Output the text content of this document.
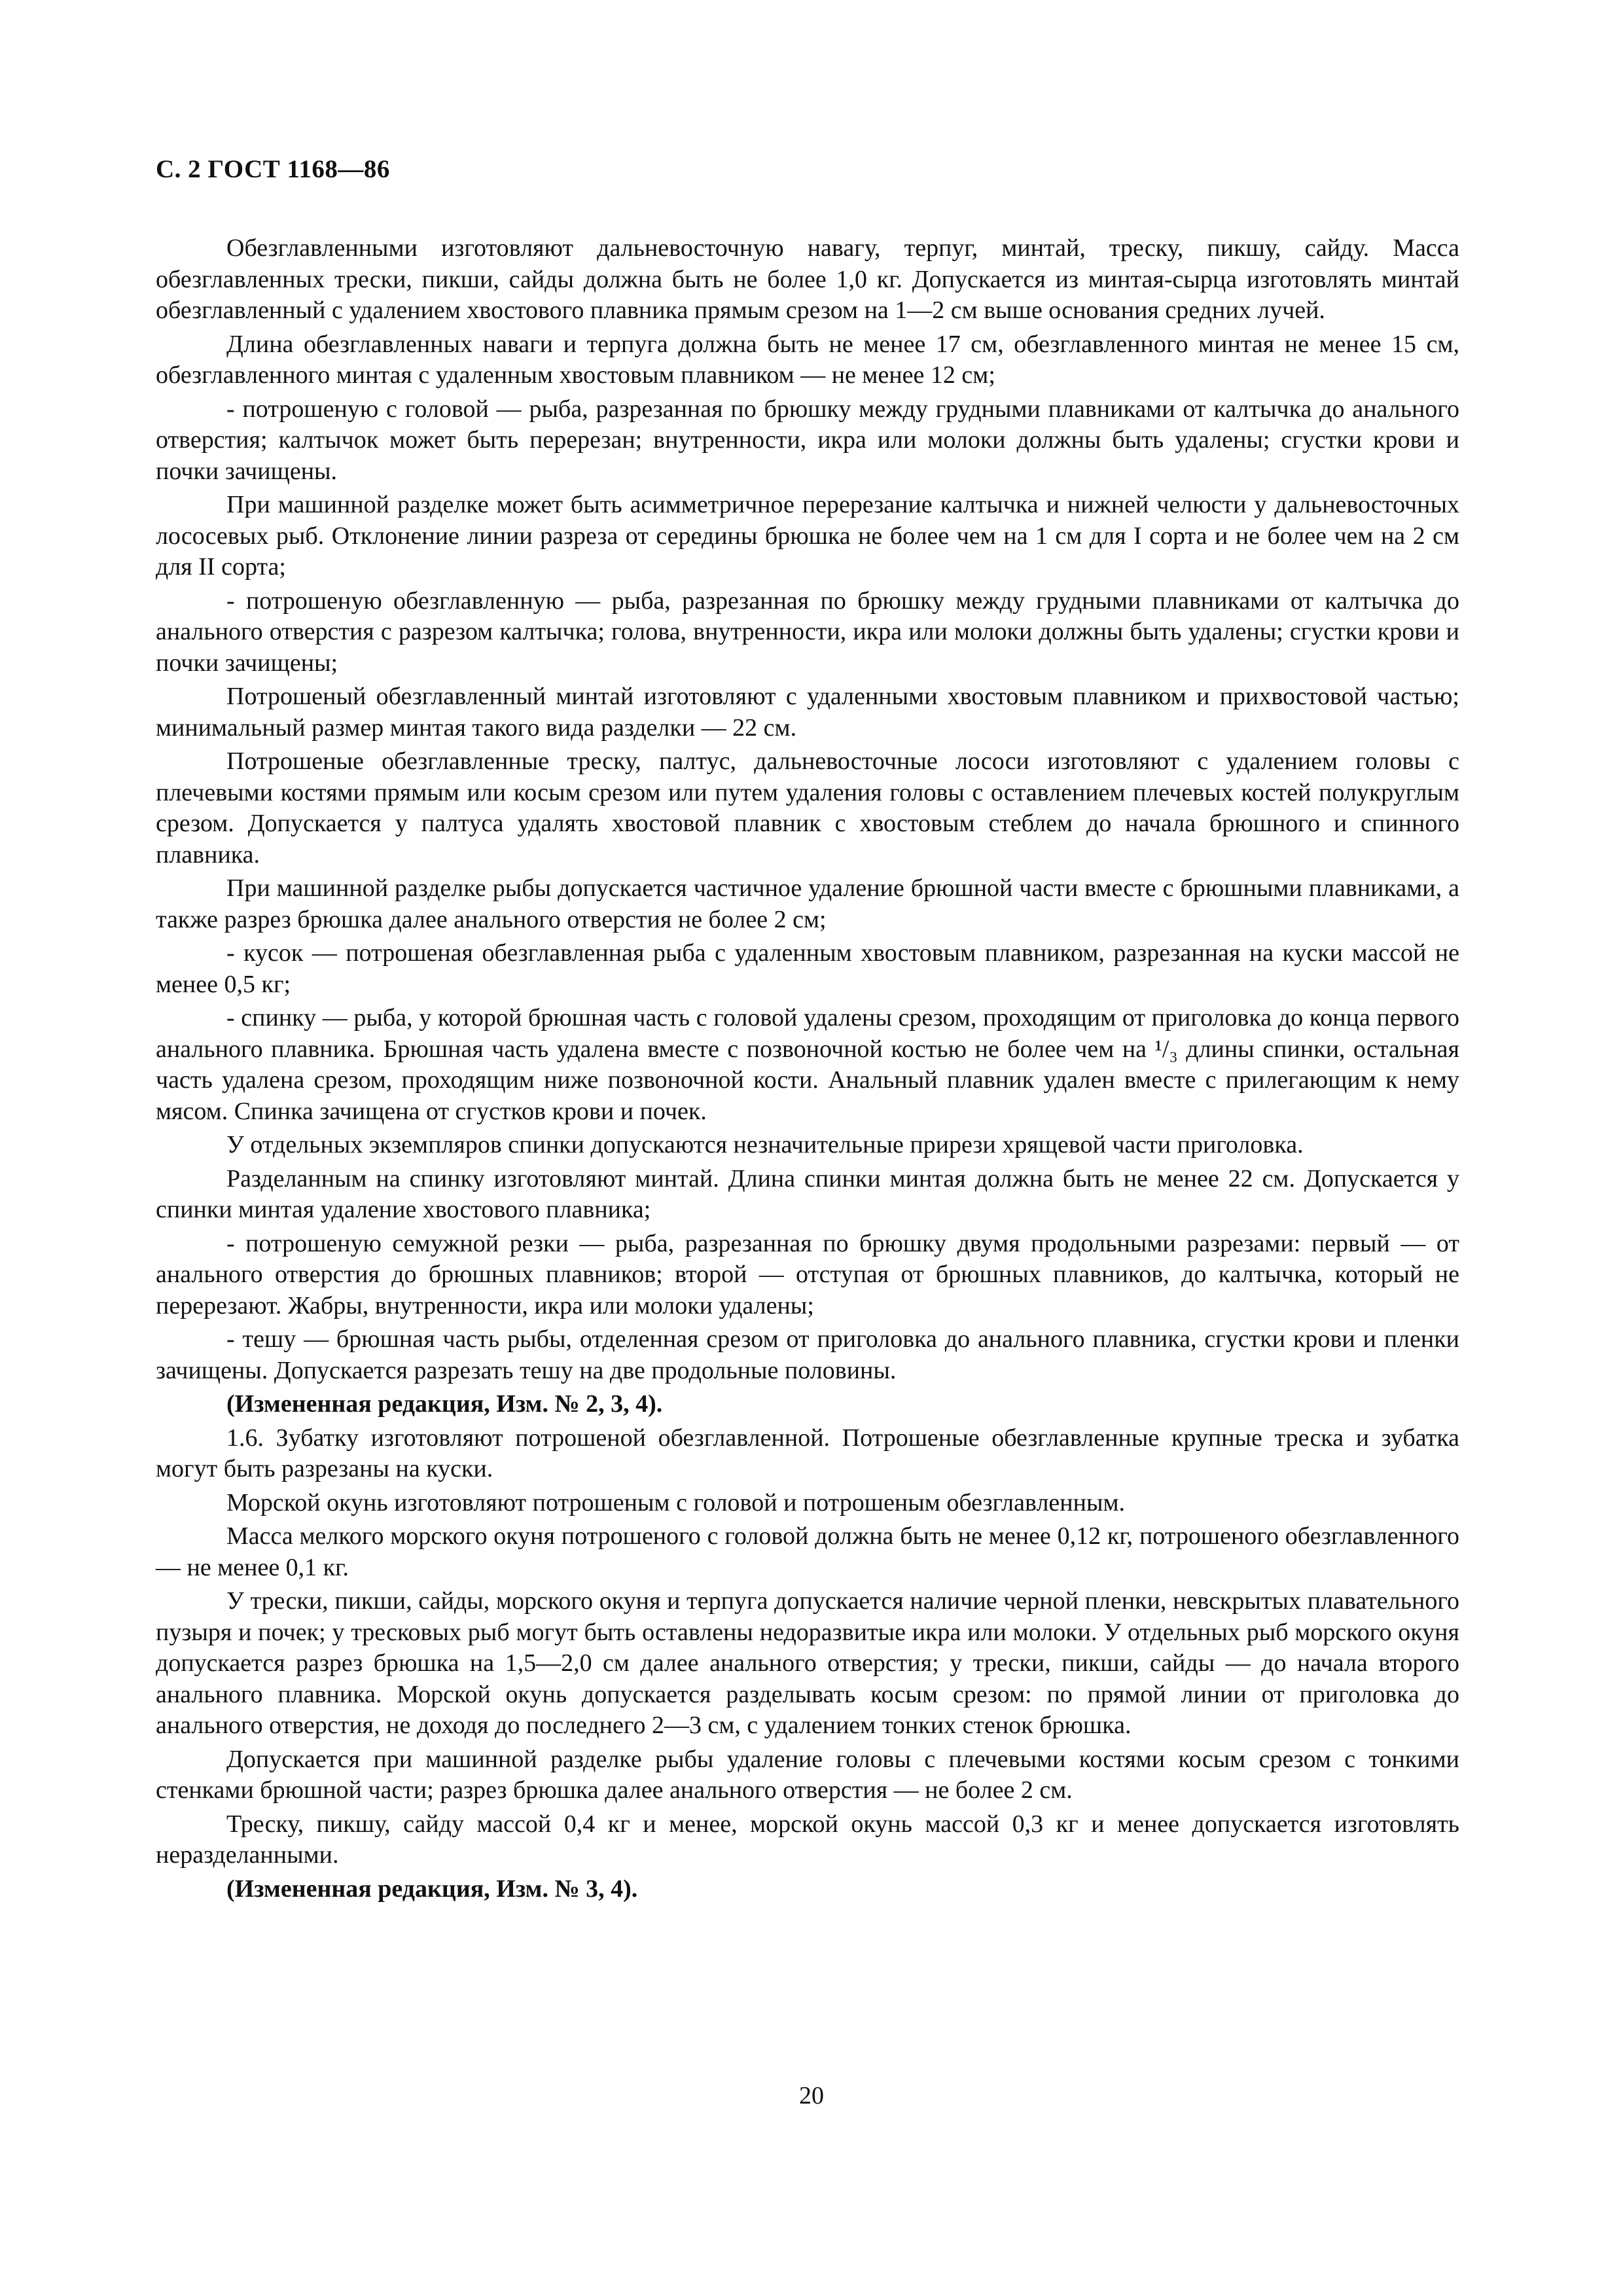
С. 2 ГОСТ 1168—86

Обезглавленными изготовляют дальневосточную навагу, терпуг, минтай, треску, пикшу, сайду. Масса обезглавленных трески, пикши, сайды должна быть не более 1,0 кг. Допускается из минтая-сырца изготовлять минтай обезглавленный с удалением хвостового плавника прямым срезом на 1—2 см выше основания средних лучей.

Длина обезглавленных наваги и терпуга должна быть не менее 17 см, обезглавленного минтая не менее 15 см, обезглавленного минтая с удаленным хвостовым плавником — не менее 12 см;

- потрошеную с головой — рыба, разрезанная по брюшку между грудными плавниками от калтычка до анального отверстия; калтычок может быть перерезан; внутренности, икра или молоки должны быть удалены; сгустки крови и почки зачищены.

При машинной разделке может быть асимметричное перерезание калтычка и нижней челюсти у дальневосточных лососевых рыб. Отклонение линии разреза от середины брюшка не более чем на 1 см для I сорта и не более чем на 2 см для II сорта;

- потрошеную обезглавленную — рыба, разрезанная по брюшку между грудными плавниками от калтычка до анального отверстия с разрезом калтычка; голова, внутренности, икра или молоки должны быть удалены; сгустки крови и почки зачищены;

Потрошеный обезглавленный минтай изготовляют с удаленными хвостовым плавником и прихвостовой частью; минимальный размер минтая такого вида разделки — 22 см.

Потрошеные обезглавленные треску, палтус, дальневосточные лососи изготовляют с удалением головы с плечевыми костями прямым или косым срезом или путем удаления головы с оставлением плечевых костей полукруглым срезом. Допускается у палтуса удалять хвостовой плавник с хвостовым стеблем до начала брюшного и спинного плавника.

При машинной разделке рыбы допускается частичное удаление брюшной части вместе с брюшными плавниками, а также разрез брюшка далее анального отверстия не более 2 см;

- кусок — потрошеная обезглавленная рыба с удаленным хвостовым плавником, разрезанная на куски массой не менее 0,5 кг;

- спинку — рыба, у которой брюшная часть с головой удалены срезом, проходящим от приголовка до конца первого анального плавника. Брюшная часть удалена вместе с позвоночной костью не более чем на ¹/₃ длины спинки, остальная часть удалена срезом, проходящим ниже позвоночной кости. Анальный плавник удален вместе с прилегающим к нему мясом. Спинка зачищена от сгустков крови и почек.

У отдельных экземпляров спинки допускаются незначительные прирези хрящевой части приголовка.

Разделанным на спинку изготовляют минтай. Длина спинки минтая должна быть не менее 22 см. Допускается у спинки минтая удаление хвостового плавника;

- потрошеную семужной резки — рыба, разрезанная по брюшку двумя продольными разрезами: первый — от анального отверстия до брюшных плавников; второй — отступая от брюшных плавников, до калтычка, который не перерезают. Жабры, внутренности, икра или молоки удалены;

- тешу — брюшная часть рыбы, отделенная срезом от приголовка до анального плавника, сгустки крови и пленки зачищены. Допускается разрезать тешу на две продольные половины.

(Измененная редакция, Изм. № 2, 3, 4).

1.6. Зубатку изготовляют потрошеной обезглавленной. Потрошеные обезглавленные крупные треска и зубатка могут быть разрезаны на куски.

Морской окунь изготовляют потрошеным с головой и потрошеным обезглавленным.

Масса мелкого морского окуня потрошеного с головой должна быть не менее 0,12 кг, потрошеного обезглавленного — не менее 0,1 кг.

У трески, пикши, сайды, морского окуня и терпуга допускается наличие черной пленки, невскрытых плавательного пузыря и почек; у тресковых рыб могут быть оставлены недоразвитые икра или молоки. У отдельных рыб морского окуня допускается разрез брюшка на 1,5—2,0 см далее анального отверстия; у трески, пикши, сайды — до начала второго анального плавника. Морской окунь допускается разделывать косым срезом: по прямой линии от приголовка до анального отверстия, не доходя до последнего 2—3 см, с удалением тонких стенок брюшка.

Допускается при машинной разделке рыбы удаление головы с плечевыми костями косым срезом с тонкими стенками брюшной части; разрез брюшка далее анального отверстия — не более 2 см.

Треску, пикшу, сайду массой 0,4 кг и менее, морской окунь массой 0,3 кг и менее допускается изготовлять неразделанными.

(Измененная редакция, Изм. № 3, 4).

20
